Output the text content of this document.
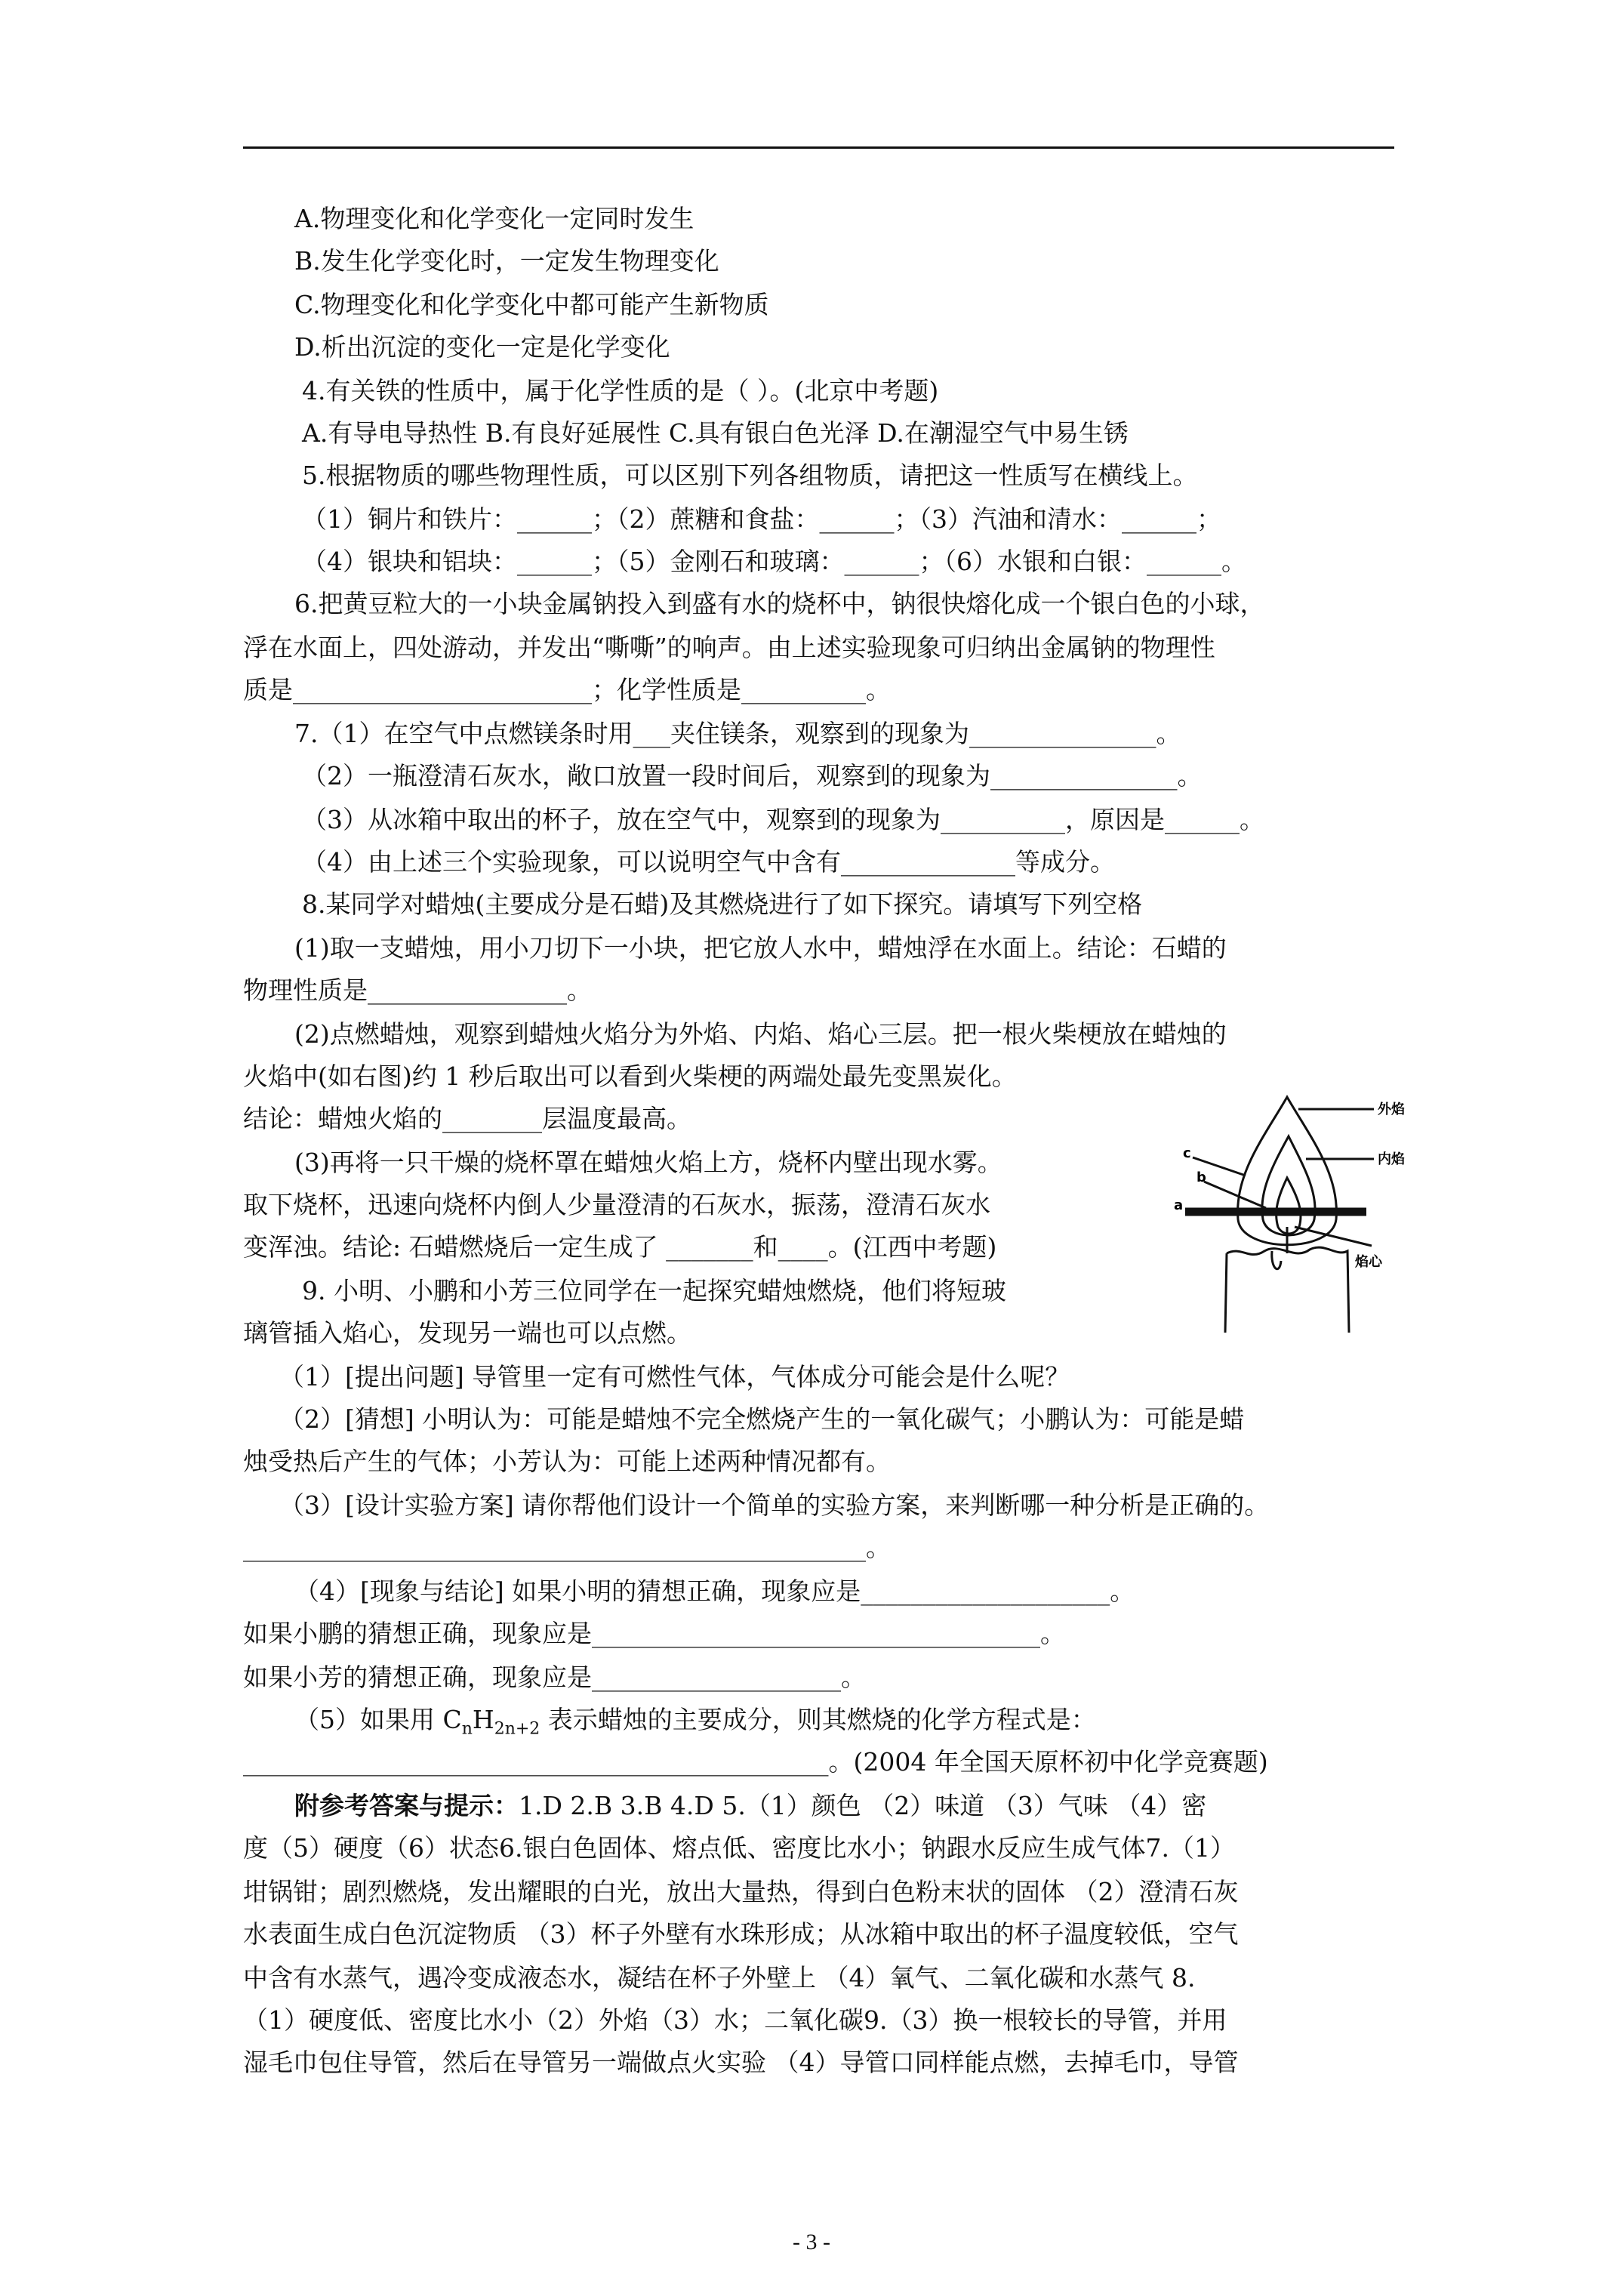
A.物理变化和化学变化一定同时发生
B.发生化学变化时，一定发生物理变化
C.物理变化和化学变化中都可能产生新物质
D.析出沉淀的变化一定是化学变化
4.有关铁的性质中，属于化学性质的是（ ）。(北京中考题)
A.有导电导热性 B.有良好延展性 C.具有银白色光泽 D.在潮湿空气中易生锈
5.根据物质的哪些物理性质，可以区别下列各组物质，请把这一性质写在横线上。
（1）铜片和铁片：______；（2）蔗糖和食盐：______；（3）汽油和清水：______；
（4）银块和铝块：______；（5）金刚石和玻璃：______；（6）水银和白银：______。
6.把黄豆粒大的一小块金属钠投入到盛有水的烧杯中，钠很快熔化成一个银白色的小球，
浮在水面上，四处游动，并发出“嘶嘶”的响声。由上述实验现象可归纳出金属钠的物理性
质是________________________；化学性质是__________。
7.（1）在空气中点燃镁条时用___夹住镁条，观察到的现象为_______________。
（2）一瓶澄清石灰水，敞口放置一段时间后，观察到的现象为_______________。
（3）从冰箱中取出的杯子，放在空气中，观察到的现象为__________，原因是______。
（4）由上述三个实验现象，可以说明空气中含有______________等成分。
8.某同学对蜡烛(主要成分是石蜡)及其燃烧进行了如下探究。请填写下列空格
(1)取一支蜡烛，用小刀切下一小块，把它放人水中，蜡烛浮在水面上。结论：石蜡的
物理性质是________________。
(2)点燃蜡烛，观察到蜡烛火焰分为外焰、内焰、焰心三层。把一根火柴梗放在蜡烛的
火焰中(如右图)约 1 秒后取出可以看到火柴梗的两端处最先变黑炭化。
结论：蜡烛火焰的________层温度最高。
(3)再将一只干燥的烧杯罩在蜡烛火焰上方，烧杯内壁出现水雾。
取下烧杯，迅速向烧杯内倒人少量澄清的石灰水，振荡，澄清石灰水
变浑浊。结论: 石蜡燃烧后一定生成了 _______和____。(江西中考题)
9. 小明、小鹏和小芳三位同学在一起探究蜡烛燃烧，他们将短玻
璃管插入焰心，发现另一端也可以点燃。
（1）[提出问题] 导管里一定有可燃性气体，气体成分可能会是什么呢？
（2）[猜想] 小明认为：可能是蜡烛不完全燃烧产生的一氧化碳气；小鹏认为：可能是蜡
烛受热后产生的气体；小芳认为：可能上述两种情况都有。
（3）[设计实验方案] 请你帮他们设计一个简单的实验方案，来判断哪一种分析是正确的。
__________________________________________________。
（4）[现象与结论] 如果小明的猜想正确，现象应是____________________。
如果小鹏的猜想正确，现象应是____________________________________。
如果小芳的猜想正确，现象应是____________________。
（5）如果用 $C_nH_{2n+2}$ 表示蜡烛的主要成分，则其燃烧的化学方程式是：
_______________________________________________。(2004 年全国天原杯初中化学竞赛题)
附参考答案与提示：1.D 2.B 3.B 4.D 5.（1）颜色 （2）味道 （3）气味 （4）密
度（5）硬度（6）状态6.银白色固体、熔点低、密度比水小；钠跟水反应生成气体7.（1）
坩锅钳；剧烈燃烧，发出耀眼的白光，放出大量热，得到白色粉末状的固体 （2）澄清石灰
水表面生成白色沉淀物质 （3）杯子外壁有水珠形成；从冰箱中取出的杯子温度较低，空气
中含有水蒸气，遇冷变成液态水，凝结在杯子外壁上 （4）氧气、二氧化碳和水蒸气 8.
（1）硬度低、密度比水小（2）外焰（3）水；二氧化碳9.（3）换一根较长的导管，并用
湿毛巾包住导管，然后在导管另一端做点火实验 （4）导管口同样能点燃，去掉毛巾，导管
外焰
内焰
焰心
a
b
c
- 3 -
